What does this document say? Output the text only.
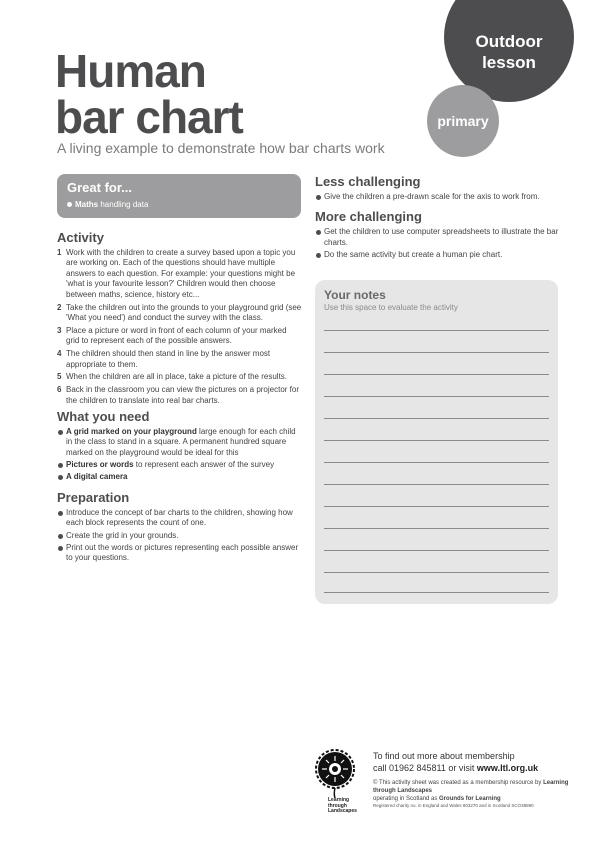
Outdoor
lesson
primary
Human
bar chart
A living example to demonstrate how bar charts work
Great for...
Maths handling data
Activity
1 Work with the children to create a survey based upon a topic you are working on. Each of the questions should have multiple answers to each question. For example: your questions might be 'what is your favourite lesson?' Children would then choose between maths, science, history etc...
2 Take the children out into the grounds to your playground grid (see 'What you need') and conduct the survey with the class.
3 Place a picture or word in front of each column of your marked grid to represent each of the possible answers.
4 The children should then stand in line by the answer most appropriate to them.
5 When the children are all in place, take a picture of the results.
6 Back in the classroom you can view the pictures on a projector for the children to translate into real bar charts.
What you need
A grid marked on your playground large enough for each child in the class to stand in a square. A permanent hundred square marked on the playground would be ideal for this
Pictures or words to represent each answer of the survey
A digital camera
Preparation
Introduce the concept of bar charts to the children, showing how each block represents the count of one.
Create the grid in your grounds.
Print out the words or pictures representing each possible answer to your questions.
Less challenging
Give the children a pre-drawn scale for the axis to work from.
More challenging
Get the children to use computer spreadsheets to illustrate the bar charts.
Do the same activity but create a human pie chart.
Your notes
Use this space to evaluate the activity
Learning
through
Landscapes
To find out more about membership
call 01962 845811 or visit www.ltl.org.uk
© This activity sheet was created as a membership resource by Learning through Landscapes
operating in Scotland as Grounds for Learning
Registered charity no. in England and Wales 803270 and in Scotland SCO38890
